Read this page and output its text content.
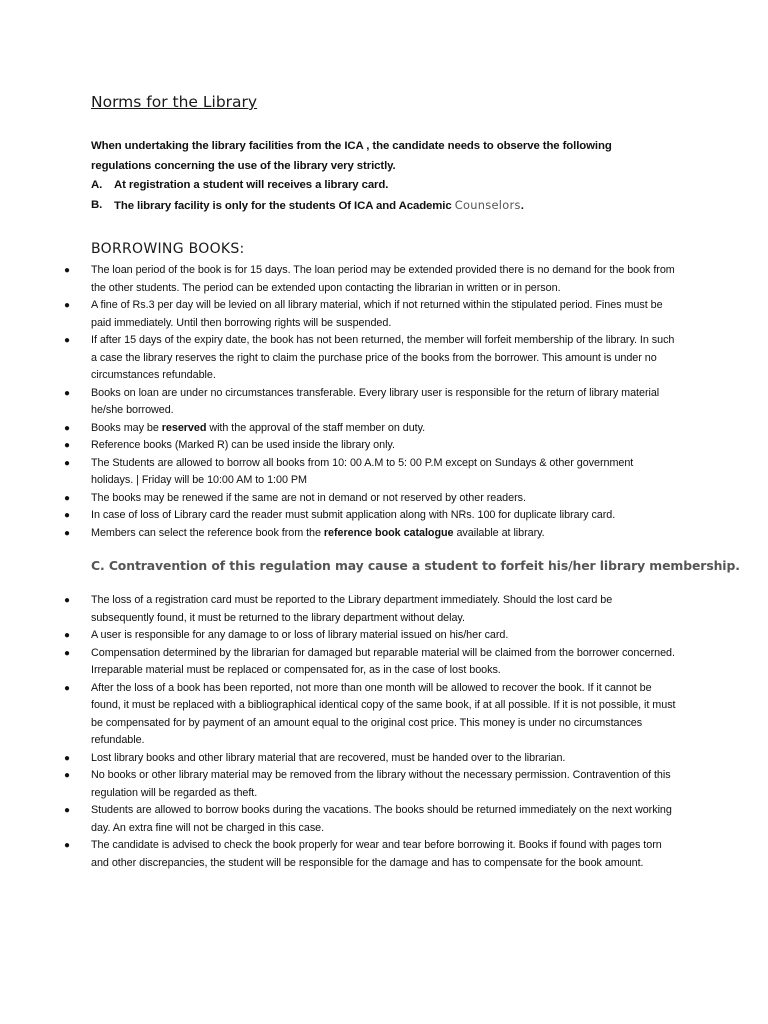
Norms for the Library
When undertaking the library facilities from the ICA , the candidate needs to observe the following regulations concerning the use of the library very strictly.
A.	At registration a student will receives a library card.
B.	The library facility is only for the students Of ICA and Academic Counselors.
BORROWING BOOKS:
● The loan period of the book is for 15 days. The loan period may be extended provided there is no demand for the book from the other students. The period can be extended upon contacting the librarian in written or in person.
● A fine of Rs.3 per day will be levied on all library material, which if not returned within the stipulated period. Fines must be paid immediately. Until then borrowing rights will be suspended.
● If after 15 days of the expiry date, the book has not been returned, the member will forfeit membership of the library. In such a case the library reserves the right to claim the purchase price of the books from the borrower. This amount is under no circumstances refundable.
● Books on loan are under no circumstances transferable. Every library user is responsible for the return of library material he/she borrowed.
● Books may be reserved with the approval of the staff member on duty.
● Reference books (Marked R) can be used inside the library only.
● The Students are allowed to borrow all books from 10: 00 A.M to 5: 00 P.M except on Sundays & other government holidays. | Friday will be 10:00 AM to 1:00 PM
● The books may be renewed if the same are not in demand or not reserved by other readers.
● In case of loss of Library card the reader must submit application along with NRs. 100 for duplicate library card.
● Members can select the reference book from the reference book catalogue available at library.
C. Contravention of this regulation may cause a student to forfeit his/her library membership.
● The loss of a registration card must be reported to the Library department immediately. Should the lost card be subsequently found, it must be returned to the library department without delay.
● A user is responsible for any damage to or loss of library material issued on his/her card.
● Compensation determined by the librarian for damaged but reparable material will be claimed from the borrower concerned. Irreparable material must be replaced or compensated for, as in the case of lost books.
● After the loss of a book has been reported, not more than one month will be allowed to recover the book. If it cannot be found, it must be replaced with a bibliographical identical copy of the same book, if at all possible. If it is not possible, it must be compensated for by payment of an amount equal to the original cost price. This money is under no circumstances refundable.
● Lost library books and other library material that are recovered, must be handed over to the librarian.
● No books or other library material may be removed from the library without the necessary permission. Contravention of this regulation will be regarded as theft.
● Students are allowed to borrow books during the vacations. The books should be returned immediately on the next working day. An extra fine will not be charged in this case.
● The candidate is advised to check the book properly for wear and tear before borrowing it. Books if found with pages torn and other discrepancies, the student will be responsible for the damage and has to compensate for the book amount.
